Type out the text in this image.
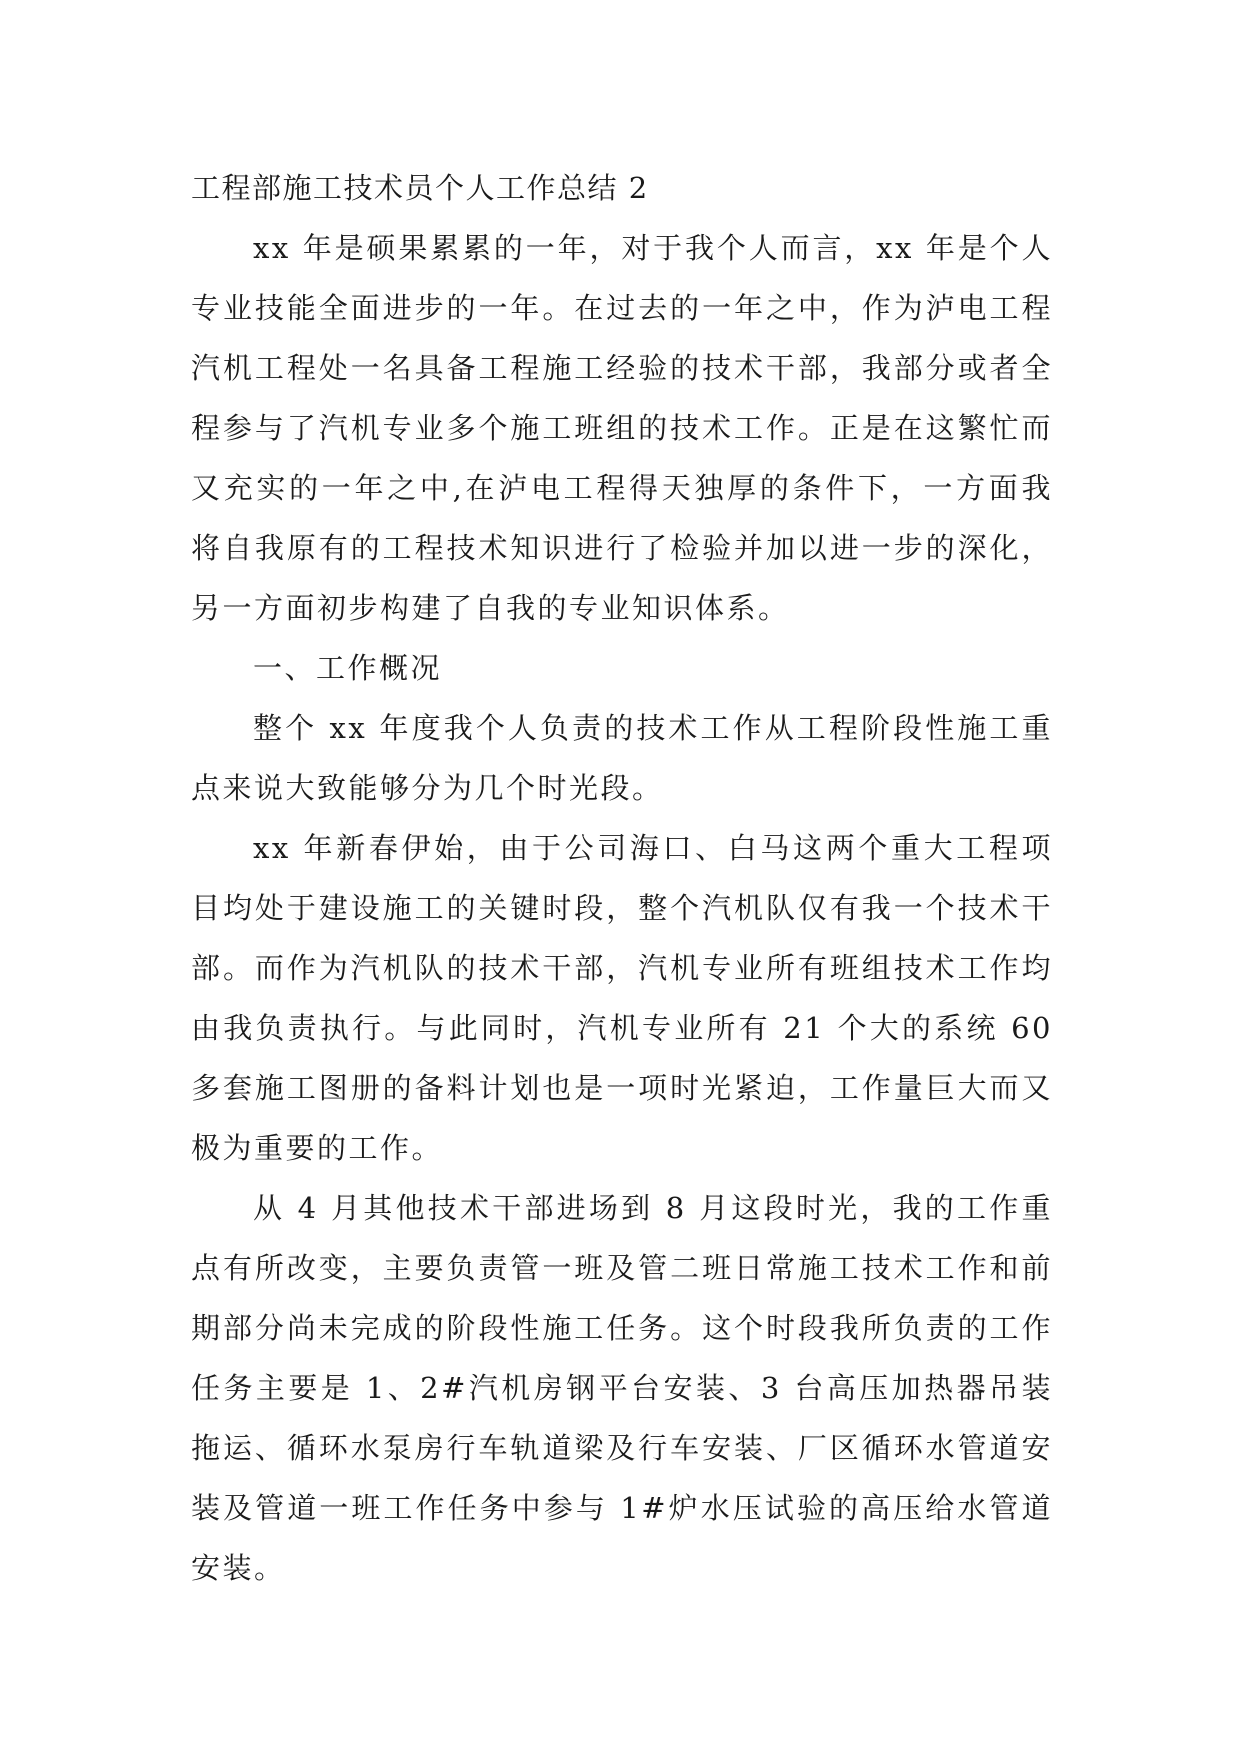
工程部施工技术员个人工作总结 2

xx 年是硕果累累的一年，对于我个人而言，xx 年是个人专业技能全面进步的一年。在过去的一年之中，作为泸电工程汽机工程处一名具备工程施工经验的技术干部，我部分或者全程参与了汽机专业多个施工班组的技术工作。正是在这繁忙而又充实的一年之中,在泸电工程得天独厚的条件下，一方面我将自我原有的工程技术知识进行了检验并加以进一步的深化，另一方面初步构建了自我的专业知识体系。

一、工作概况

整个 xx 年度我个人负责的技术工作从工程阶段性施工重点来说大致能够分为几个时光段。

xx 年新春伊始，由于公司海口、白马这两个重大工程项目均处于建设施工的关键时段，整个汽机队仅有我一个技术干部。而作为汽机队的技术干部，汽机专业所有班组技术工作均由我负责执行。与此同时，汽机专业所有 21 个大的系统 60 多套施工图册的备料计划也是一项时光紧迫，工作量巨大而又极为重要的工作。

从 4 月其他技术干部进场到 8 月这段时光，我的工作重点有所改变，主要负责管一班及管二班日常施工技术工作和前期部分尚未完成的阶段性施工任务。这个时段我所负责的工作任务主要是 1、2#汽机房钢平台安装、3 台高压加热器吊装拖运、循环水泵房行车轨道梁及行车安装、厂区循环水管道安装及管道一班工作任务中参与 1#炉水压试验的高压给水管道安装。
